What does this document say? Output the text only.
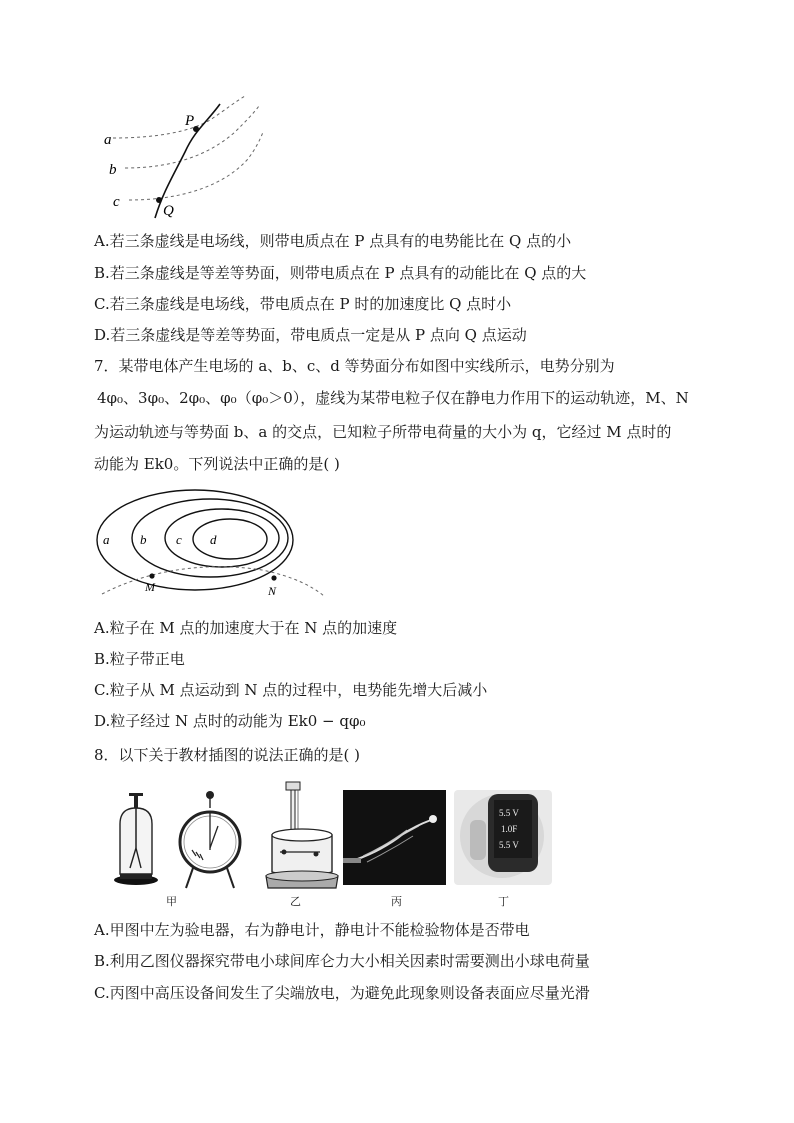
a
b
c
P
Q
A.若三条虚线是电场线，则带电质点在 P 点具有的电势能比在 Q 点的小
B.若三条虚线是等差等势面，则带电质点在 P 点具有的动能比在 Q 点的大
C.若三条虚线是电场线，带电质点在 P 时的加速度比 Q 点时小
D.若三条虚线是等差等势面，带电质点一定是从 P 点向 Q 点运动
7．某带电体产生电场的 a、b、c、d 等势面分布如图中实线所示，电势分别为
4φ₀、3φ₀、2φ₀、φ₀（φ₀＞0），虚线为某带电粒子仅在静电力作用下的运动轨迹，M、N
为运动轨迹与等势面 b、a 的交点，已知粒子所带电荷量的大小为 q，它经过 M 点时的
动能为 Ek0。下列说法中正确的是( )
a b c d
M	N
A.粒子在 M 点的加速度大于在 N 点的加速度
B.粒子带正电
C.粒子从 M 点运动到 N 点的过程中，电势能先增大后减小
D.粒子经过 N 点时的动能为 Ek0 − qφ₀
8．以下关于教材插图的说法正确的是( )
甲	乙	丙
5.5 V
1.0F
5.5 V
丁
A.甲图中左为验电器，右为静电计，静电计不能检验物体是否带电
B.利用乙图仪器探究带电小球间库仑力大小相关因素时需要测出小球电荷量
C.丙图中高压设备间发生了尖端放电，为避免此现象则设备表面应尽量光滑
